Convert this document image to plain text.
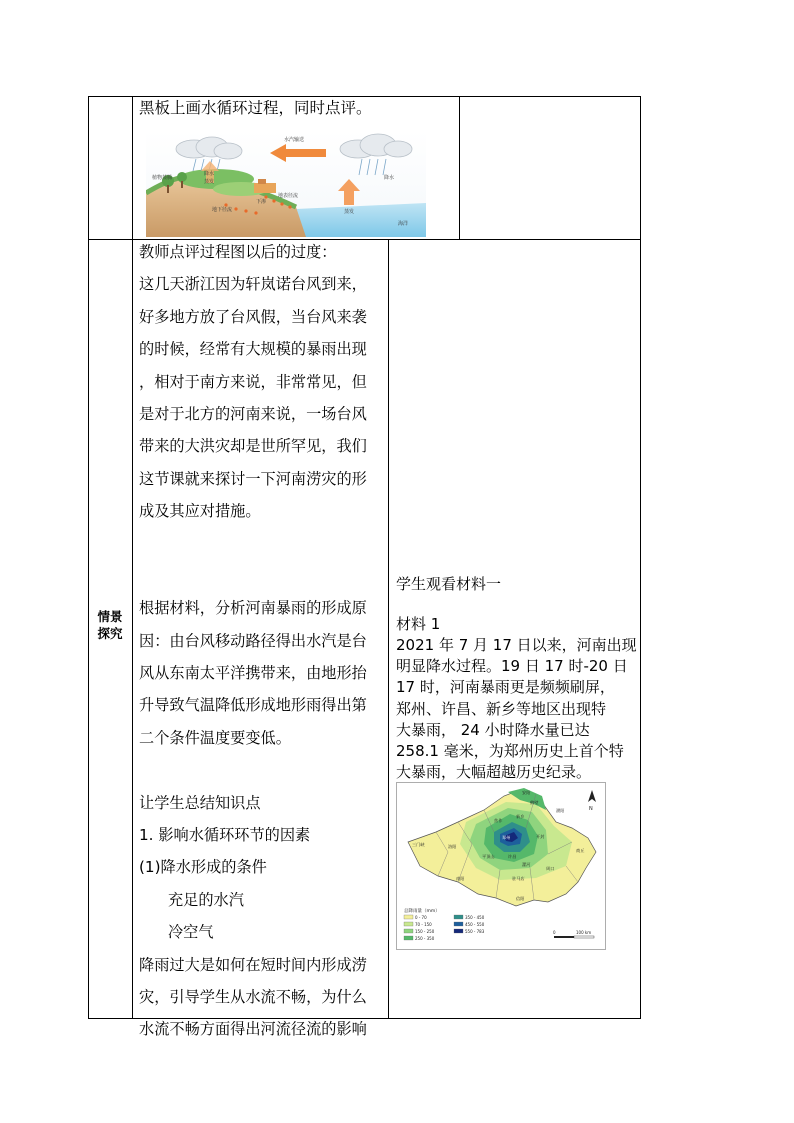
黑板上画水循环过程，同时点评。
水汽输送
降水
植物蒸腾
蒸发
地表径流
下渗
地下径流
降水
蒸发
海洋
情景
探究
教师点评过程图以后的过度：
这几天浙江因为轩岚诺台风到来，
好多地方放了台风假，当台风来袭
的时候，经常有大规模的暴雨出现
，相对于南方来说，非常常见，但
是对于北方的河南来说，一场台风
带来的大洪灾却是世所罕见，我们
这节课就来探讨一下河南涝灾的形
成及其应对措施。
根据材料，分析河南暴雨的形成原
因：由台风移动路径得出水汽是台
风从东南太平洋携带来，由地形抬
升导致气温降低形成地形雨得出第
二个条件温度要变低。
让学生总结知识点
1. 影响水循环环节的因素
(1)降水形成的条件
充足的水汽
冷空气
降雨过大是如何在短时间内形成涝
灾，引导学生从水流不畅，为什么
水流不畅方面得出河流径流的影响
学生观看材料一
材料 1
2021 年 7 月 17 日以来，河南出现
明显降水过程。19 日 17 时-20 日
17 时，河南暴雨更是频频刷屏，
郑州、许昌、新乡等地区出现特
大暴雨， 24 小时降水量已达
258.1 毫米，为郑州历史上首个特
大暴雨，大幅超越历史纪录。
三门峡	洛阳
郑州	开封
商丘
周口
南阳	驻马店
信阳
平顶山	许昌
漯河
新乡
焦作
鹤壁
安阳
濮阳	N
总降雨量（mm）
0 - 70
70 - 150
150 - 250
250 - 350
350 - 450
450 - 550
550 - 783	0	100 km
